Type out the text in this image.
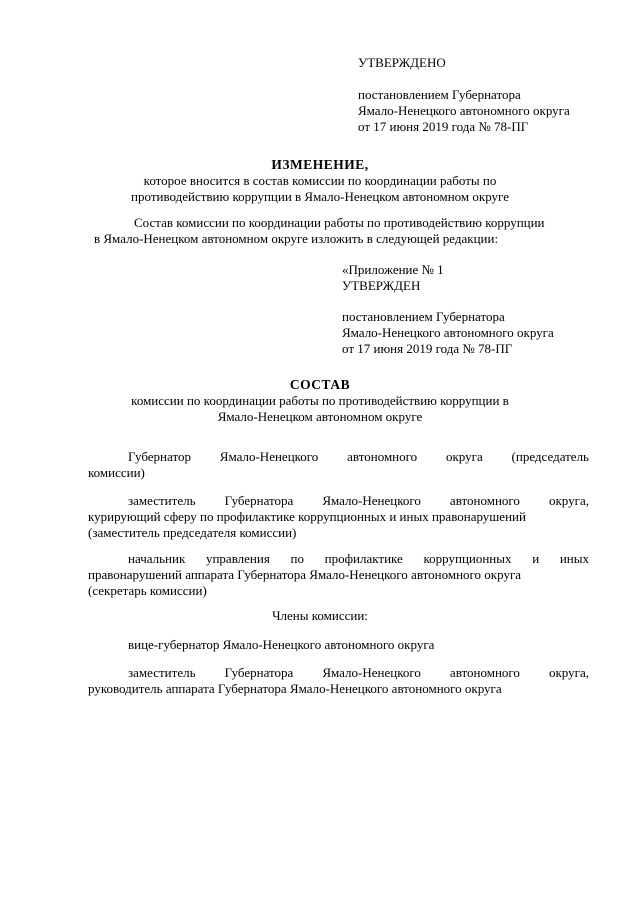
УТВЕРЖДЕНО
постановлением Губернатора
Ямало-Ненецкого автономного округа
от 17 июня 2019 года № 78-ПГ
ИЗМЕНЕНИЕ,
которое вносится в состав комиссии по координации работы по
противодействию коррупции в Ямало-Ненецком автономном округе
Состав комиссии по координации работы по противодействию коррупции
в Ямало-Ненецком автономном округе изложить в следующей редакции:
«Приложение № 1
УТВЕРЖДЕН
постановлением Губернатора
Ямало-Ненецкого автономного округа
от 17 июня 2019 года № 78-ПГ
СОСТАВ
комиссии по координации работы по противодействию коррупции в
Ямало-Ненецком автономном округе
Губернатор Ямало-Ненецкого автономного округа (председатель
комиссии)
заместитель Губернатора Ямало-Ненецкого автономного округа,
курирующий сферу по профилактике коррупционных и иных правонарушений
(заместитель председателя комиссии)
начальник управления по профилактике коррупционных и иных
правонарушений аппарата Губернатора Ямало-Ненецкого автономного округа
(секретарь комиссии)
Члены комиссии:
вице-губернатор Ямало-Ненецкого автономного округа
заместитель Губернатора Ямало-Ненецкого автономного округа,
руководитель аппарата Губернатора Ямало-Ненецкого автономного округа
